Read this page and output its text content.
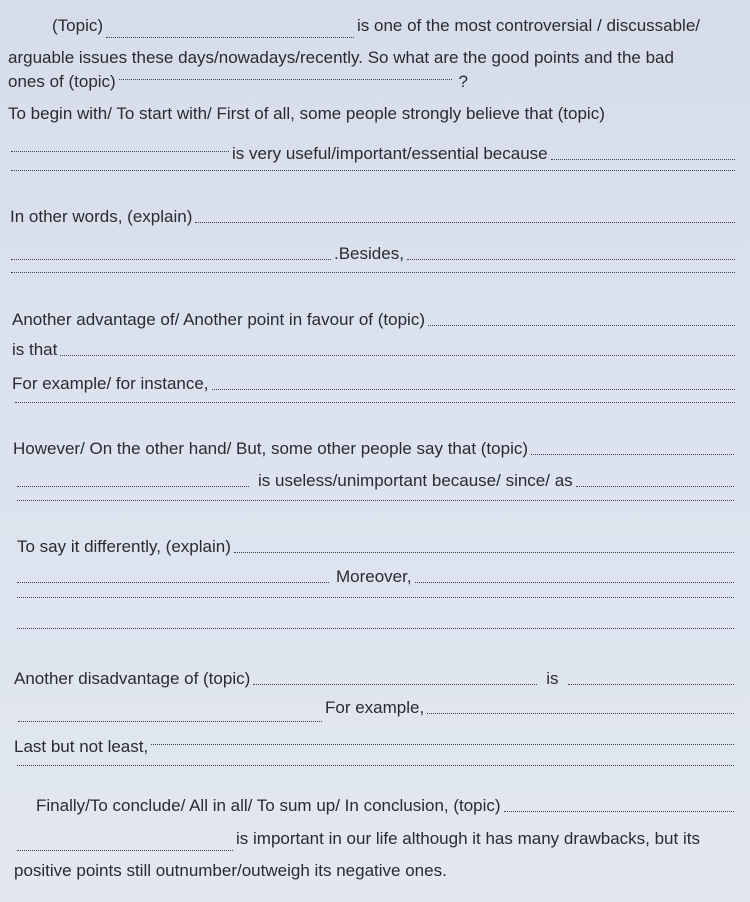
(Topic)	is one of the most controversial / discussable/
arguable issues these days/nowadays/recently. So what are the good points and the bad
ones of (topic)	?
To begin with/ To start with/ First of all, some people strongly believe that (topic)
is very useful/important/essential because
In other words, (explain)
.Besides,
Another advantage of/ Another point in favour of (topic)
is that
For example/ for instance,
However/ On the other hand/ But, some other people say that (topic)
is useless/unimportant because/ since/ as
To say it differently, (explain)
Moreover,
Another disadvantage of (topic)	is
For example,
Last but not least,
Finally/To conclude/ All in all/ To sum up/ In conclusion, (topic)
is important in our life although it has many drawbacks, but its
positive points still outnumber/outweigh its negative ones.
